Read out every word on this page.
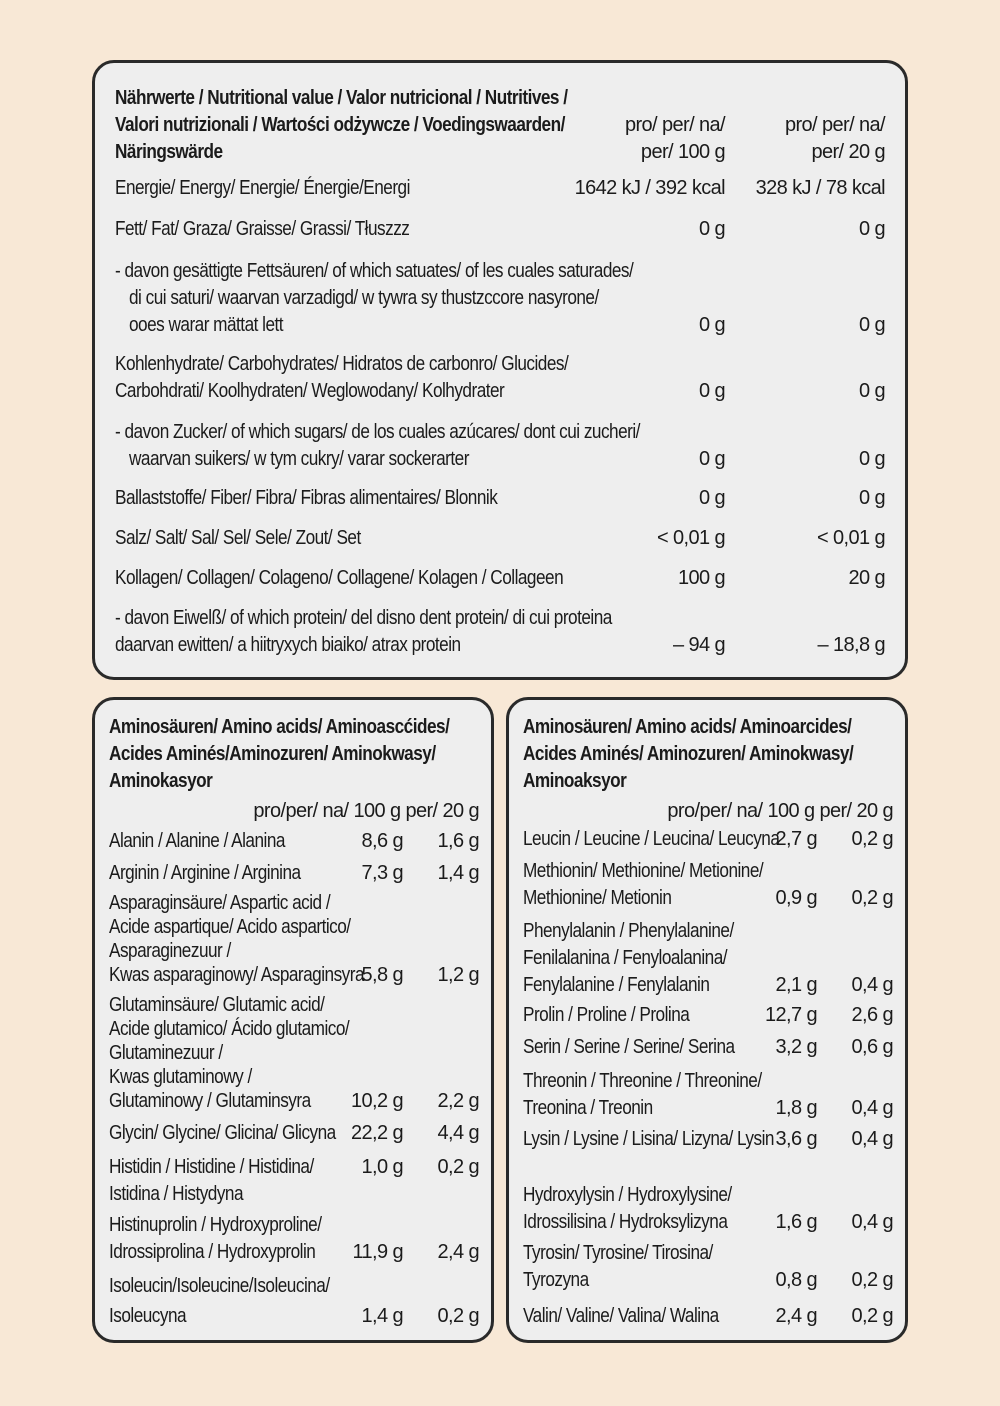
Nährwerte / Nutritional value / Valor nutricional / Nutritives /
Valori nutrizionali / Wartości odżywcze / Voedingswaarden/	pro/ per/ na/	pro/ per/ na/
Näringswärde	per/ 100 g	per/ 20 g
Energie/ Energy/ Energie/ Énergie/Energi	1642 kJ / 392 kcal 328 kJ / 78 kcal
Fett/ Fat/ Graza/ Graisse/ Grassi/ Tłuszzz	0 g	0 g
- davon gesättigte Fettsäuren/ of which satuates/ of les cuales saturades/
di cui saturi/ waarvan varzadigd/ w tywra sy thustzccore nasyrone/
ooes warar mättat lett	0 g	0 g
Kohlenhydrate/ Carbohydrates/ Hidratos de carbonro/ Glucides/
Carbohdrati/ Koolhydraten/ Weglowodany/ Kolhydrater	0 g	0 g
- davon Zucker/ of which sugars/ de los cuales azúcares/ dont cui zucheri/
waarvan suikers/ w tym cukry/ varar sockerarter	0 g	0 g
Ballaststoffe/ Fiber/ Fibra/ Fibras alimentaires/ Blonnik	0 g	0 g
Salz/ Salt/ Sal/ Sel/ Sele/ Zout/ Set	< 0,01 g	< 0,01 g
Kollagen/ Collagen/ Colageno/ Collagene/ Kolagen / Collageen	100 g	20 g
- davon Eiwelß/ of which protein/ del disno dent protein/ di cui proteina
daarvan ewitten/ a hiitryxych biaiko/ atrax protein	– 94 g	– 18,8 g
Aminosäuren/ Amino acids/ Aminoascćides/
Acides Aminés/Aminozuren/ Aminokwasy/
Aminokasyor
pro/per/ na/ 100 g per/ 20 g
Alanin / Alanine / Alanina	8,6 g 1,6 g
Arginin / Arginine / Arginina	7,3 g 1,4 g
Asparaginsäure/ Aspartic acid /
Acide aspartique/ Acido aspartico/
Asparaginezuur /
Kwas asparaginowy/ Asparaginsyra
5,8 g 1,2 g
Glutaminsäure/ Glutamic acid/
Acide glutamico/ Ácido glutamico/
Glutaminezuur /
Kwas glutaminowy /
Glutaminowy / Glutaminsyra 10,2 g 2,2 g
Glycin/ Glycine/ Glicina/ Glicyna 22,2 g 4,4 g
Histidin / Histidine / Histidina/
Istidina / Histydyna
1,0 g 0,2 g
Histinuprolin / Hydroxyproline/
Idrossiprolina / Hydroxyprolin 11,9 g 2,4 g
Isoleucin/Isoleucine/Isoleucina/
Isoleucyna	1,4 g 0,2 g
Aminosäuren/ Amino acids/ Aminoarcides/
Acides Aminés/ Aminozuren/ Aminokwasy/
Aminoaksyor
pro/per/ na/ 100 g per/ 20 g
Leucin / Leucine / Leucina/ Leucyna
2,7 g 0,2 g
Methionin/ Methionine/ Metionine/
Methionine/ Metionin	0,9 g 0,2 g
Phenylalanin / Phenylalanine/
Fenilalanina / Fenyloalanina/
Fenylalanine / Fenylalanin	2,1 g 0,4 g
Prolin / Proline / Prolina	12,7 g 2,6 g
Serin / Serine / Serine/ Serina 3,2 g 0,6 g
Threonin / Threonine / Threonine/
Treonina / Treonin	1,8 g 0,4 g
Lysin / Lysine / Lisina/ Lizyna/ Lysin 3,6 g 0,4 g
Hydroxylysin / Hydroxylysine/
Idrossilisina / Hydroksylizyna 1,6 g 0,4 g
Tyrosin/ Tyrosine/ Tirosina/
Tyrozyna	0,8 g 0,2 g
Valin/ Valine/ Valina/ Walina	2,4 g 0,2 g
